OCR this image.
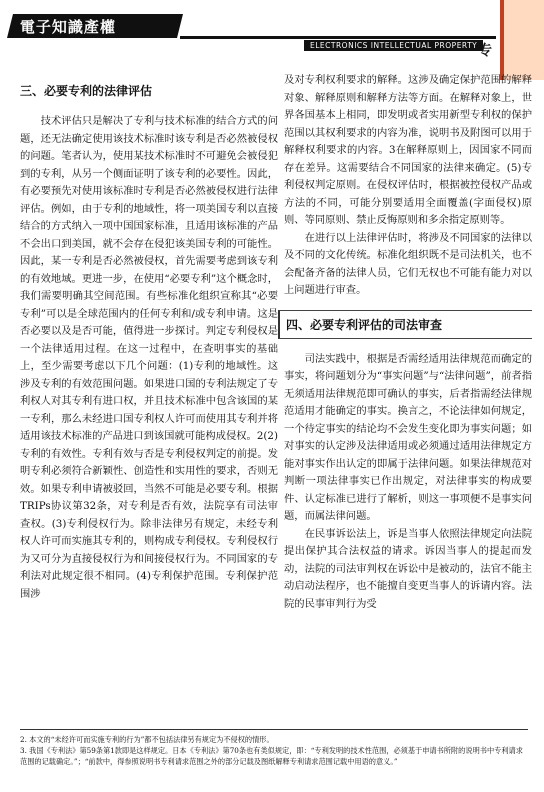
電子知識產權
ELECTRONICS INTELLECTUAL PROPERTY 专
三、必要专利的法律评估

技术评估只是解决了专利与技术标准的结合方式的问题，还无法确定使用该技术标准时该专利是否必然被侵权的问题。笔者认为，使用某技术标准时不可避免会被侵犯到的专利，从另一个侧面证明了该专利的必要性。因此，有必要预先对使用该标准时专利是否必然被侵权进行法律评估。例如，由于专利的地域性，将一项美国专利以直接结合的方式纳入一项中国国家标准，且适用该标准的产品不会出口到美国，就不会存在侵犯该美国专利的可能性。因此，某一专利是否必然被侵权，首先需要考虑到该专利的有效地域。更进一步，在使用“必要专利”这个概念时，我们需要明确其空间范围。有些标准化组织宣称其“必要专利”可以是全球范围内的任何专利和/或专利申请。这是否必要以及是否可能，值得进一步探讨。判定专利侵权是一个法律适用过程。在这一过程中，在查明事实的基础上，至少需要考虑以下几个问题：(1)专利的地域性。这涉及专利的有效范围问题。如果进口国的专利法规定了专利权人对其专利有进口权，并且技术标准中包含该国的某一专利，那么未经进口国专利权人许可而使用其专利并将适用该技术标准的产品进口到该国就可能构成侵权。2(2)专利的有效性。专利有效与否是专利侵权判定的前提。发明专利必须符合新颖性、创造性和实用性的要求，否则无效。如果专利申请被驳回，当然不可能是必要专利。根据TRIPs协议第32条，对专利是否有效，法院享有司法审查权。(3)专利侵权行为。除非法律另有规定，未经专利权人许可而实施其专利的，则构成专利侵权。专利侵权行为又可分为直接侵权行为和间接侵权行为。不同国家的专利法对此规定很不相同。(4)专利保护范围。专利保护范围涉

及对专利权利要求的解释。这涉及确定保护范围的解释对象、解释原则和解释方法等方面。在解释对象上，世界各国基本上相同，即发明或者实用新型专利权的保护范围以其权利要求的内容为准，说明书及附图可以用于解释权利要求的内容。3在解释原则上，因国家不同而存在差异。这需要结合不同国家的法律来确定。(5)专利侵权判定原则。在侵权评估时，根据被控侵权产品或方法的不同，可能分别要适用全面覆盖(字面侵权)原则、等同原则、禁止反悔原则和多余指定原则等。

在进行以上法律评估时，将涉及不同国家的法律以及不同的文化传统。标准化组织既不是司法机关，也不会配备齐备的法律人员，它们无权也不可能有能力对以上问题进行审查。

四、必要专利评估的司法审查

司法实践中，根据是否需经适用法律规范而确定的事实，将问题划分为“事实问题”与“法律问题”，前者指无须适用法律规范即可确认的事实，后者指需经法律规范适用才能确定的事实。换言之，不论法律如何规定，一个待定事实的结论均不会发生变化即为事实问题；如对事实的认定涉及法律适用或必须通过适用法律规定方能对事实作出认定的即属于法律问题。如果法律规范对判断一项法律事实已作出规定，对法律事实的构成要件、认定标准已进行了解析，则这一事项便不是事实问题，而属法律问题。

在民事诉讼法上，诉是当事人依照法律规定向法院提出保护其合法权益的请求。诉因当事人的提起而发动，法院的司法审判权在诉讼中是被动的，法官不能主动启动法程序，也不能擅自变更当事人的诉请内容。法院的民事审判行为受

2. 本文的“未经许可而实施专利的行为”都不包括法律另有规定为不侵权的情形。

3. 我国《专利法》第59条第1款即是这样规定。日本《专利法》第70条也有类似规定，即：“专利发明的技术性范围，必须基于申请书所附的说明书中专利请求范围的记载确定。”；“前款中，得参照说明书专利请求范围之外的部分记载及图纸解释专利请求范围记载中用语的意义。”
